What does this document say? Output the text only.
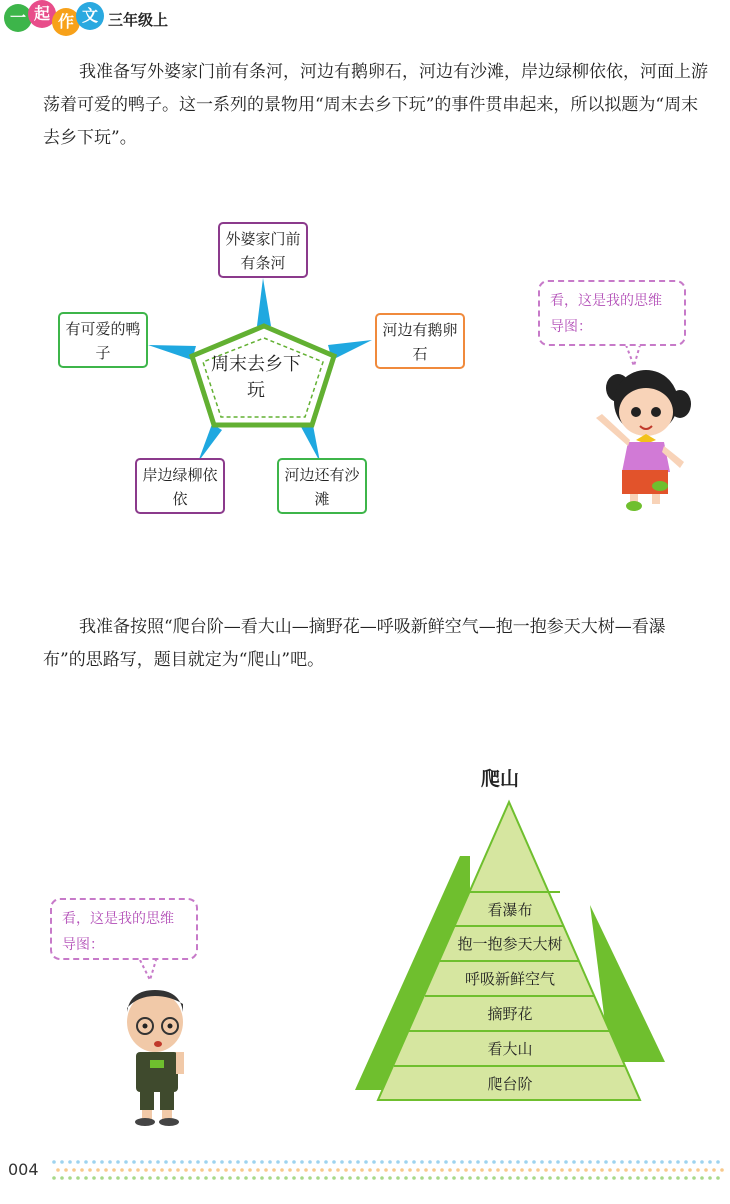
一 起 作 文 三年级上

我准备写外婆家门前有条河，河边有鹅卵石，河边有沙滩，岸边绿柳依依，河面上游荡着可爱的鸭子。这一系列的景物用“周末去乡下玩”的事件贯串起来，所以拟题为“周末去乡下玩”。

外婆家门前有条河
河边有鹅卵石
河边还有沙滩
岸边绿柳依依
有可爱的鸭子
周末去乡下玩
看，这是我的思维导图：

我准备按照“爬台阶—看大山—摘野花—呼吸新鲜空气—抱一抱参天大树—看瀑布”的思路写，题目就定为“爬山”吧。

看，这是我的思维导图：
爬山
看瀑布
抱一抱参天大树
呼吸新鲜空气
摘野花
看大山
爬台阶
004
